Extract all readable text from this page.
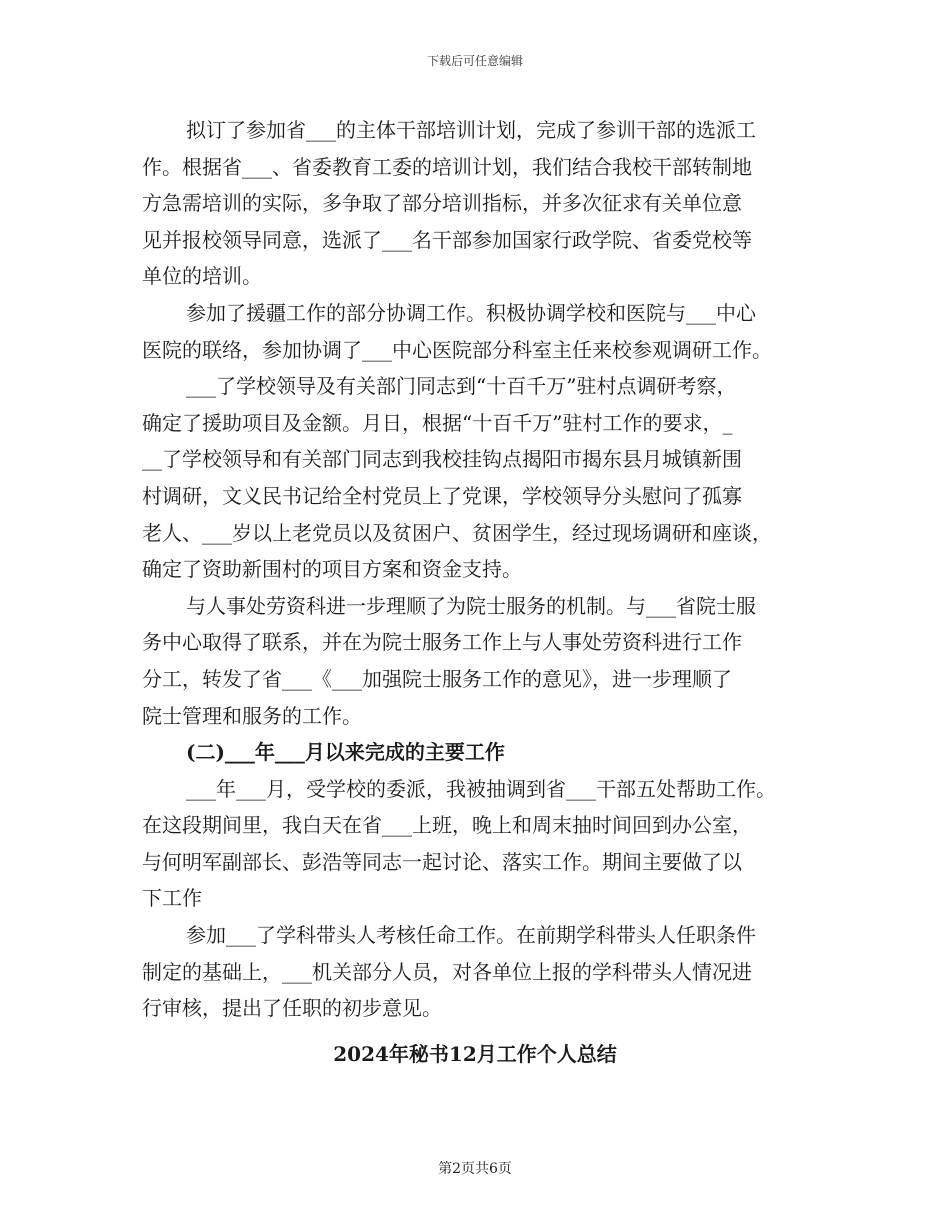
下载后可任意编辑
拟订了参加省___的主体干部培训计划，完成了参训干部的选派工
作。根据省___、省委教育工委的培训计划，我们结合我校干部转制地
方急需培训的实际，多争取了部分培训指标，并多次征求有关单位意
见并报校领导同意，选派了___名干部参加国家行政学院、省委党校等
单位的培训。
参加了援疆工作的部分协调工作。积极协调学校和医院与___中心
医院的联络，参加协调了___中心医院部分科室主任来校参观调研工作。
___了学校领导及有关部门同志到“十百千万”驻村点调研考察，
确定了援助项目及金额。月日，根据“十百千万”驻村工作的要求，_
__了学校领导和有关部门同志到我校挂钩点揭阳市揭东县月城镇新围
村调研，文义民书记给全村党员上了党课，学校领导分头慰问了孤寡
老人、___岁以上老党员以及贫困户、贫困学生，经过现场调研和座谈，
确定了资助新围村的项目方案和资金支持。
与人事处劳资科进一步理顺了为院士服务的机制。与___省院士服
务中心取得了联系，并在为院士服务工作上与人事处劳资科进行工作
分工，转发了省___《___加强院士服务工作的意见》，进一步理顺了
院士管理和服务的工作。
(二)___年___月以来完成的主要工作
___年___月，受学校的委派，我被抽调到省___干部五处帮助工作。
在这段期间里，我白天在省___上班，晚上和周末抽时间回到办公室，
与何明军副部长、彭浩等同志一起讨论、落实工作。期间主要做了以
下工作
参加___了学科带头人考核任命工作。在前期学科带头人任职条件
制定的基础上，___机关部分人员，对各单位上报的学科带头人情况进
行审核，提出了任职的初步意见。
2024年秘书12月工作个人总结
第2页共6页
